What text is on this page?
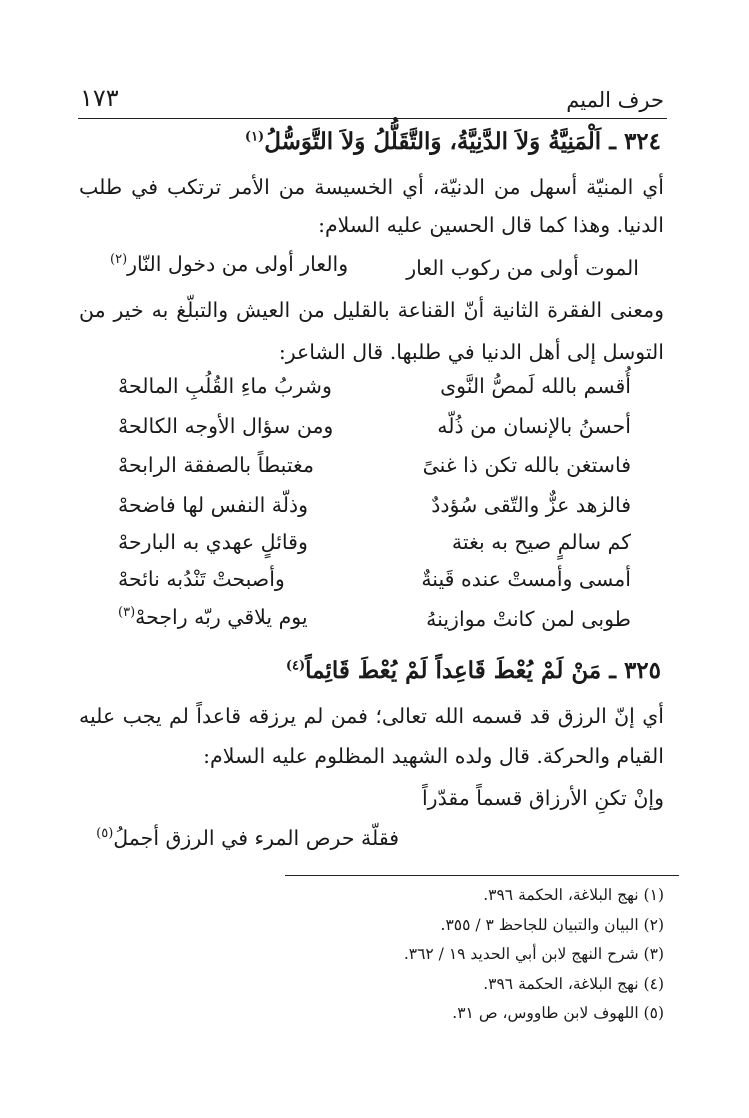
حرف الميم
١٧٣
٣٢٤ ـ اَلْمَنِيَّةُ وَلاَ الدَّنِيَّةُ، وَالتَّقَلُّلُ وَلاَ التَّوَسُّلُ$^{(١)}$
أي المنيّة أسهل من الدنيّة، أي الخسيسة من الأمر ترتكب في طلب
الدنيا. وهذا كما قال الحسين عليه السلام:
الموت أولى من ركوب العار
والعار أولى من دخول النّار$^{(٢)}$
ومعنى الفقرة الثانية أنّ القناعة بالقليل من العيش والتبلّغ به خير من
التوسل إلى أهل الدنيا في طلبها. قال الشاعر:
أُقسم بالله لَمصُّ النَّوى
وشربُ ماءِ القُلُبِ المالحهْ
أحسنُ بالإنسان من ذُلّه
ومن سؤال الأوجه الكالحهْ
فاستغن بالله تكن ذا غنىً
مغتبطاً بالصفقة الرابحهْ
فالزهد عزٌّ والتّقى سُؤددٌ
وذلّة النفس لها فاضحهْ
كم سالمٍ صيح به بغتة
وقائلٍ عهدي به البارحهْ
أمسى وأمستْ عنده قَينةٌ
وأصبحتْ تَنْدُبه نائحهْ
طوبى لمن كانتْ موازينهُ
يوم يلاقي ربّه راجحهْ$^{(٣)}$
٣٢٥ ـ مَنْ لَمْ يُعْطَ قَاعِداً لَمْ يُعْطَ قَائِماً$^{(٤)}$
أي إنّ الرزق قد قسمه الله تعالى؛ فمن لم يرزقه قاعداً لم يجب عليه
القيام والحركة. قال ولده الشهيد المظلوم عليه السلام:
وإنْ تكنِ الأرزاق قسماً مقدّراً
فقلّة حرص المرء في الرزق أجملُ$^{(٥)}$
(١) نهج البلاغة، الحكمة ٣٩٦.
(٢) البيان والتبيان للجاحظ ٣ / ٣٥٥.
(٣) شرح النهج لابن أبي الحديد ١٩ / ٣٦٢.
(٤) نهج البلاغة، الحكمة ٣٩٦.
(٥) اللهوف لابن طاووس، ص ٣١.
